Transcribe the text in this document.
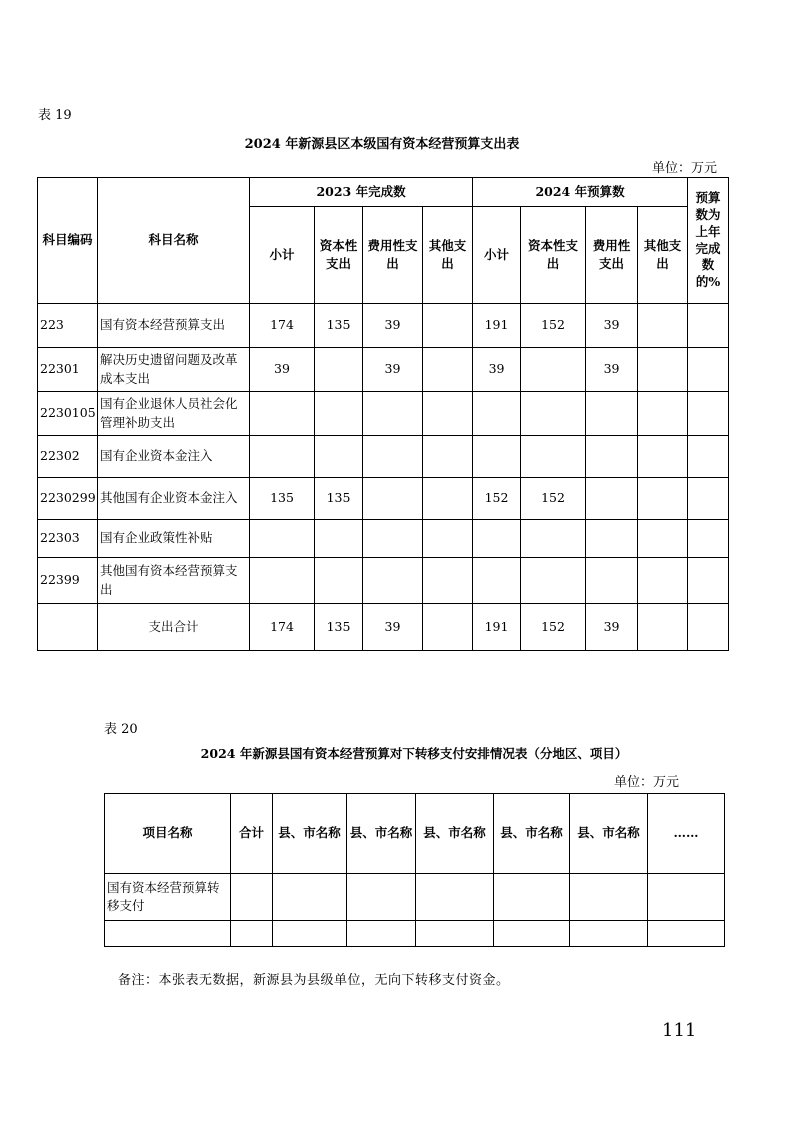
表 19
2024 年新源县区本级国有资本经营预算支出表
单位：万元
科目编码	科目名称	2023 年完成数				2024 年预算数				预算数为上年完成数的%
		小计	资本性支出	费用性支出	其他支出	小计	资本性支出	费用性支出	其他支出	
223	国有资本经营预算支出	174	135	39		191	152	39		
22301	解决历史遗留问题及改革成本支出	39		39		39		39		
2230105	国有企业退休人员社会化管理补助支出									
22302	国有企业资本金注入									
2230299	其他国有企业资本金注入	135	135			152	152			
22303	国有企业政策性补贴									
22399	其他国有资本经营预算支出									
	支出合计	174	135	39		191	152	39		
表 20
2024 年新源县国有资本经营预算对下转移支付安排情况表（分地区、项目）
单位：万元
项目名称	合计	县、市名称	县、市名称	县、市名称	县、市名称	县、市名称	……
国有资本经营预算转移支付							

备注：本张表无数据，新源县为县级单位，无向下转移支付资金。
111
